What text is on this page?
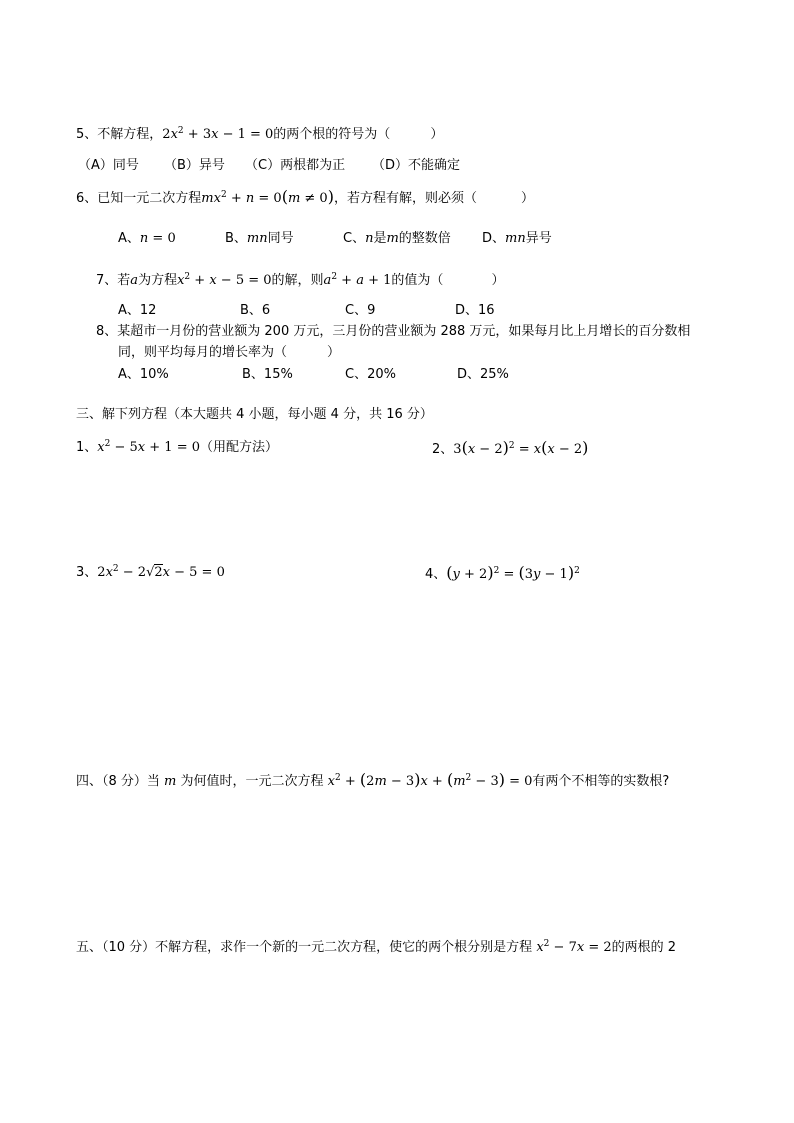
5、不解方程，$2x^2 + 3x - 1 = 0$的两个根的符号为（	）
（A）同号 （B）异号 （C）两根都为正 （D）不能确定
6、已知一元二次方程$mx^2 + n = 0(m \ne 0)$，若方程有解，则必须（	）
A、n = 0	B、mn同号	C、n是m的整数倍 D、mn异号
7、若a为方程$x^2 + x - 5 = 0$的解，则$a^2 + a + 1$的值为（	）
A、12	B、6	C、9	D、16
8、某超市一月份的营业额为 200 万元，三月份的营业额为 288 万元，如果每月比上月增长的百分数相
同，则平均每月的增长率为（	）
A、10%	B、15%	C、20%	D、25%
三、解下列方程（本大题共 4 小题，每小题 4 分，共 16 分）
1、$x^2 - 5x + 1 = 0$（用配方法）	2、$3(x - 2)^2 = x(x - 2)$
3、$2x^2 - 2√2x - 5 = 0$	4、$(y + 2)^2 = (3y - 1)^2$
四、（8 分）当 m 为何值时，一元二次方程 $x^2 + (2m - 3)x + (m^2 - 3) = 0$有两个不相等的实数根?
五、（10 分）不解方程，求作一个新的一元二次方程，使它的两个根分别是方程 $x^2 - 7x = 2$的两根的 2
